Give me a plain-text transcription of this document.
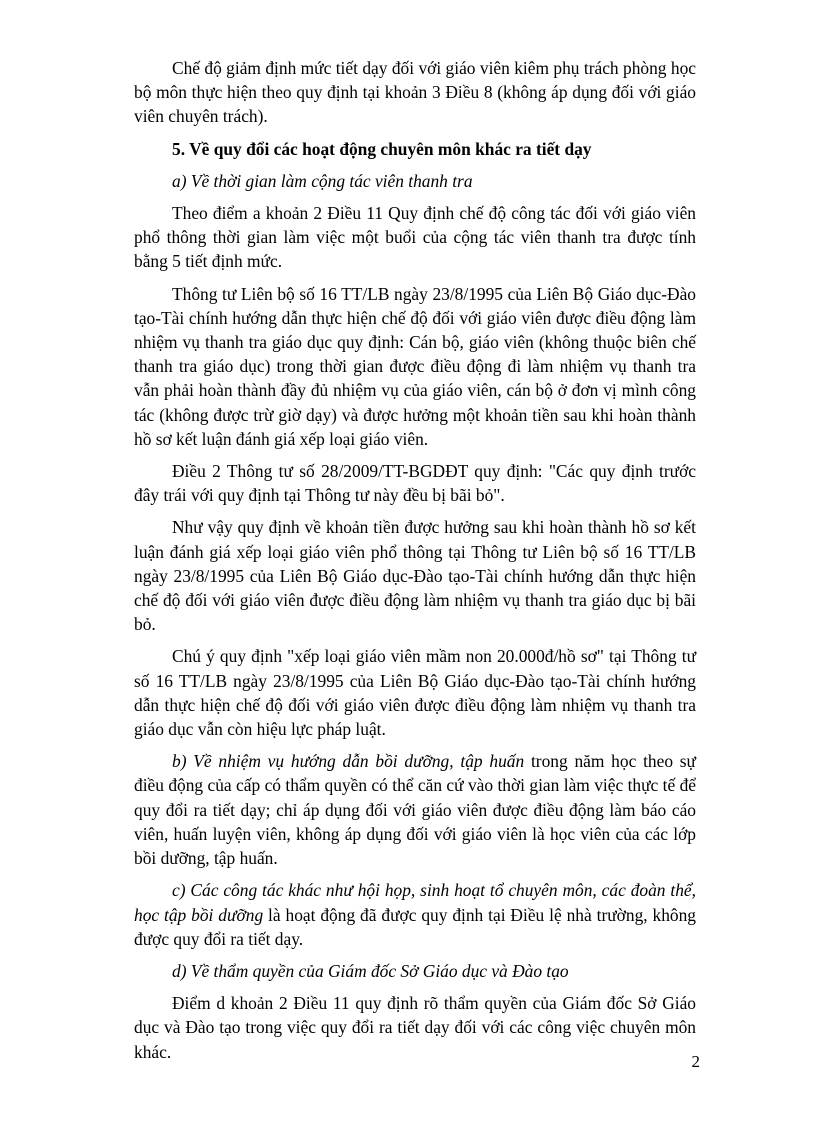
Chế độ giảm định mức tiết dạy đối với giáo viên kiêm phụ trách phòng học bộ môn thực hiện theo quy định tại khoản 3 Điều 8 (không áp dụng đối với giáo viên chuyên trách).

5. Về quy đổi các hoạt động chuyên môn khác ra tiết dạy

a) Về thời gian làm cộng tác viên thanh tra

Theo điểm a khoản 2 Điều 11 Quy định chế độ công tác đối với giáo viên phổ thông thời gian làm việc một buổi của cộng tác viên thanh tra được tính bằng 5 tiết định mức.

Thông tư Liên bộ số 16 TT/LB ngày 23/8/1995 của Liên Bộ Giáo dục-Đào tạo-Tài chính hướng dẫn thực hiện chế độ đối với giáo viên được điều động làm nhiệm vụ thanh tra giáo dục quy định: Cán bộ, giáo viên (không thuộc biên chế thanh tra giáo dục) trong thời gian được điều động đi làm nhiệm vụ thanh tra vẫn phải hoàn thành đầy đủ nhiệm vụ của giáo viên, cán bộ ở đơn vị mình công tác (không được trừ giờ dạy) và được hưởng một khoản tiền sau khi hoàn thành hồ sơ kết luận đánh giá xếp loại giáo viên.

Điều 2 Thông tư số 28/2009/TT-BGDĐT quy định: "Các quy định trước đây trái với quy định tại Thông tư này đều bị bãi bỏ".

Như vậy quy định về khoản tiền được hưởng sau khi hoàn thành hồ sơ kết luận đánh giá xếp loại giáo viên phổ thông tại Thông tư Liên bộ số 16 TT/LB ngày 23/8/1995 của Liên Bộ Giáo dục-Đào tạo-Tài chính hướng dẫn thực hiện chế độ đối với giáo viên được điều động làm nhiệm vụ thanh tra giáo dục bị bãi bỏ.

Chú ý quy định "xếp loại giáo viên mầm non 20.000đ/hồ sơ" tại Thông tư số 16 TT/LB ngày 23/8/1995 của Liên Bộ Giáo dục-Đào tạo-Tài chính hướng dẫn thực hiện chế độ đối với giáo viên được điều động làm nhiệm vụ thanh tra giáo dục vẫn còn hiệu lực pháp luật.

b) Về nhiệm vụ hướng dẫn bồi dưỡng, tập huấn trong năm học theo sự điều động của cấp có thẩm quyền có thể căn cứ vào thời gian làm việc thực tế để quy đổi ra tiết dạy; chỉ áp dụng đối với giáo viên được điều động làm báo cáo viên, huấn luyện viên, không áp dụng đối với giáo viên là học viên của các lớp bồi dưỡng, tập huấn.

c) Các công tác khác như hội họp, sinh hoạt tổ chuyên môn, các đoàn thể, học tập bồi dưỡng là hoạt động đã được quy định tại Điều lệ nhà trường, không được quy đổi ra tiết dạy.

d) Về thẩm quyền của Giám đốc Sở Giáo dục và Đào tạo

Điểm d khoản 2 Điều 11 quy định rõ thẩm quyền của Giám đốc Sở Giáo dục và Đào tạo trong việc quy đổi ra tiết dạy đối với các công việc chuyên môn khác.	2
